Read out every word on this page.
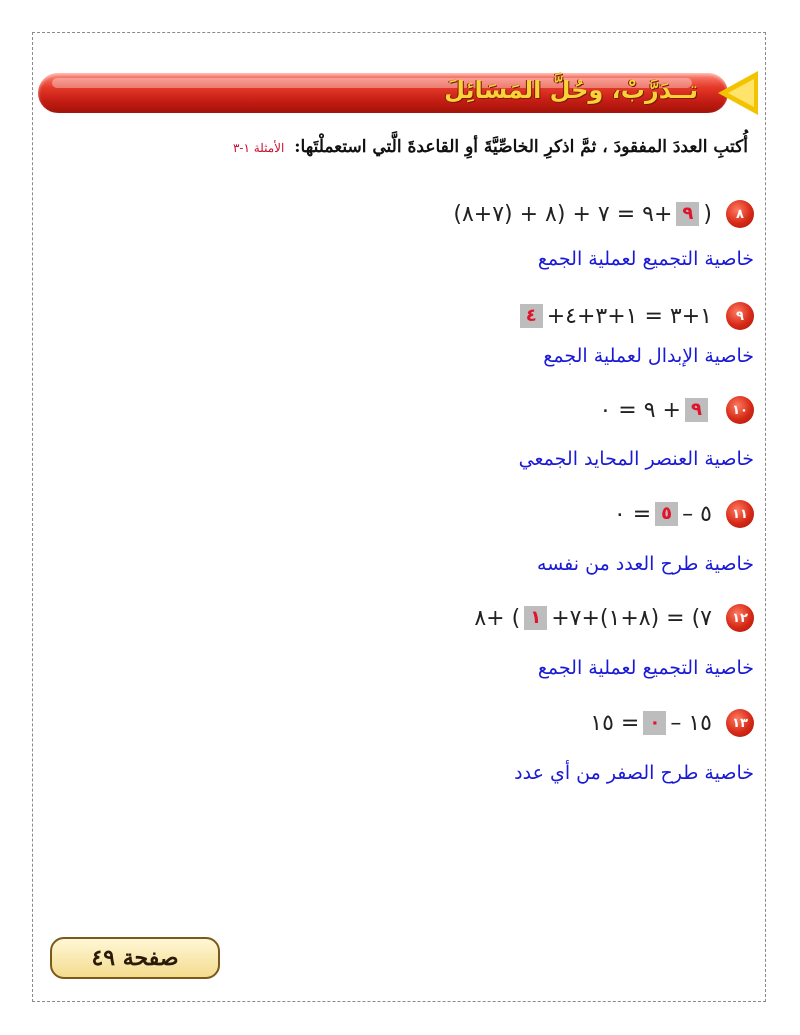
تــدَرَّبْ، وحُلَّ المَسَائِلَ
أُكتبِ العددَ المفقودَ ، ثمَّ اذكرِ الخاصِّيَّةَ أوِ القاعدةَ الَّتي استعملْتَها: الأمثلة ١-٣
٨
(٧+٨) + ٩ = ٧ + (٨+ ٩ )
خاصية التجميع لعملية الجمع
٩
٤ +١+٣ = ١+٣+٤
خاصية الإبدال لعملية الجمع
١٠
٩ = ٠ + ٩
خاصية العنصر المحايد الجمعي
١١
٠ = ٥ – ٥
خاصية طرح العدد من نفسه
١٢
٨+ ( ١ +٧) = (٨+١)+٧
خاصية التجميع لعملية الجمع
١٣
١٥ = ٠ – ١٥
خاصية طرح الصفر من أي عدد
صفحة ٤٩
